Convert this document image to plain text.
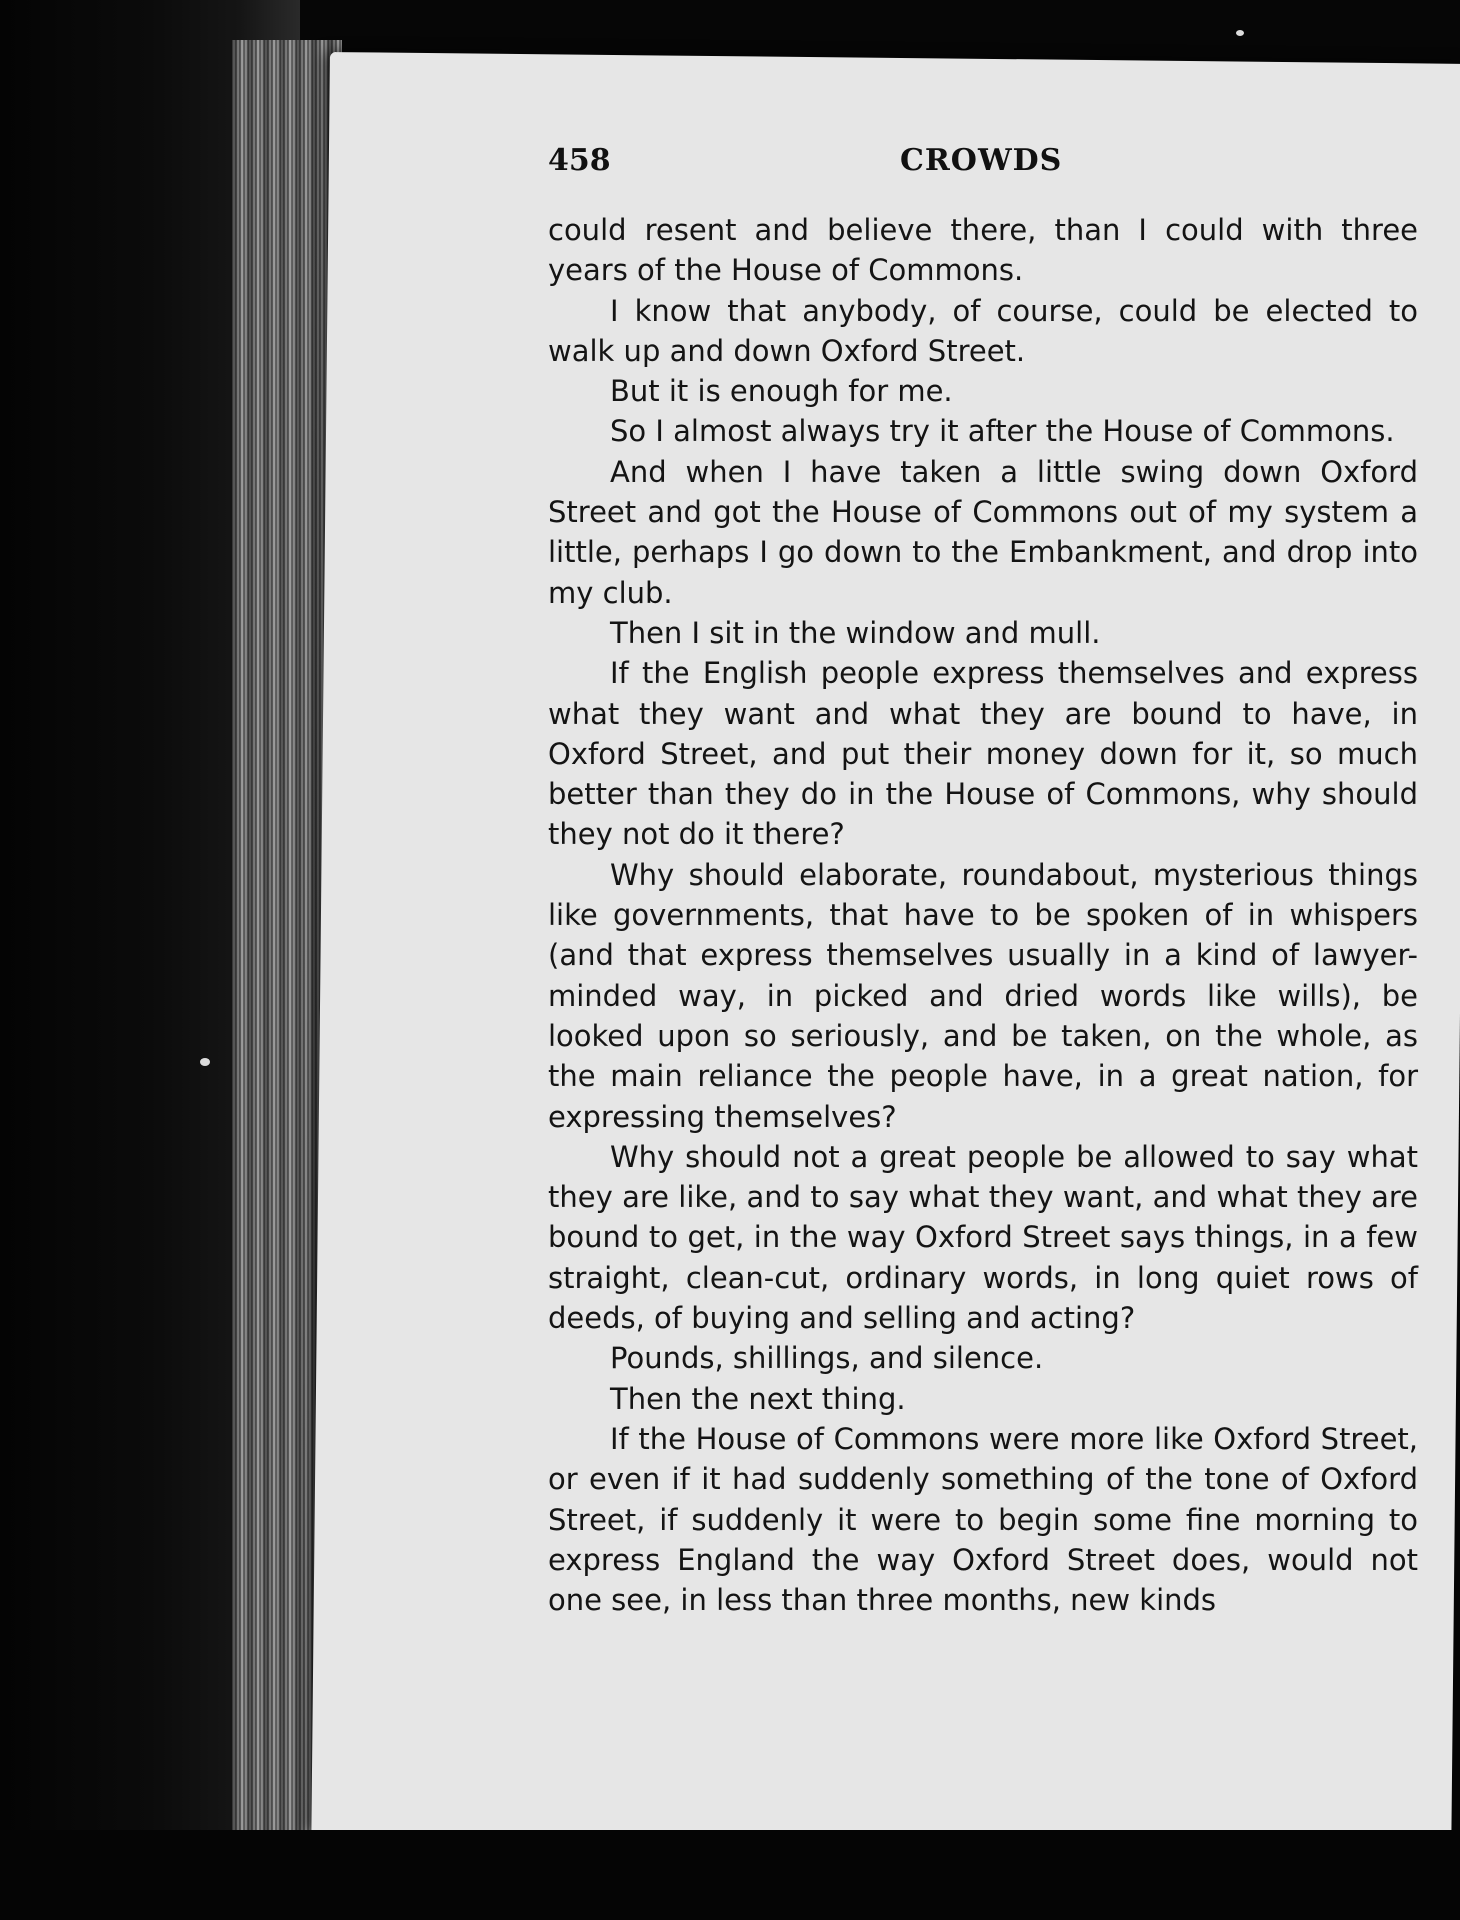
458	CROWDS

could resent and believe there, than I could with three years of the House of Commons.

I know that anybody, of course, could be elected to walk up and down Oxford Street.

But it is enough for me.

So I almost always try it after the House of Commons.

And when I have taken a little swing down Oxford Street and got the House of Commons out of my system a little, perhaps I go down to the Embankment, and drop into my club.

Then I sit in the window and mull.

If the English people express themselves and express what they want and what they are bound to have, in Oxford Street, and put their money down for it, so much better than they do in the House of Commons, why should they not do it there?

Why should elaborate, roundabout, mysterious things like governments, that have to be spoken of in whispers (and that express themselves usually in a kind of lawyer-minded way, in picked and dried words like wills), be looked upon so seriously, and be taken, on the whole, as the main reliance the people have, in a great nation, for expressing themselves?

Why should not a great people be allowed to say what they are like, and to say what they want, and what they are bound to get, in the way Oxford Street says things, in a few straight, clean-cut, ordinary words, in long quiet rows of deeds, of buying and selling and acting?

Pounds, shillings, and silence.

Then the next thing.

If the House of Commons were more like Oxford Street, or even if it had suddenly something of the tone of Oxford Street, if suddenly it were to begin some fine morning to express England the way Oxford Street does, would not one see, in less than three months, new kinds
